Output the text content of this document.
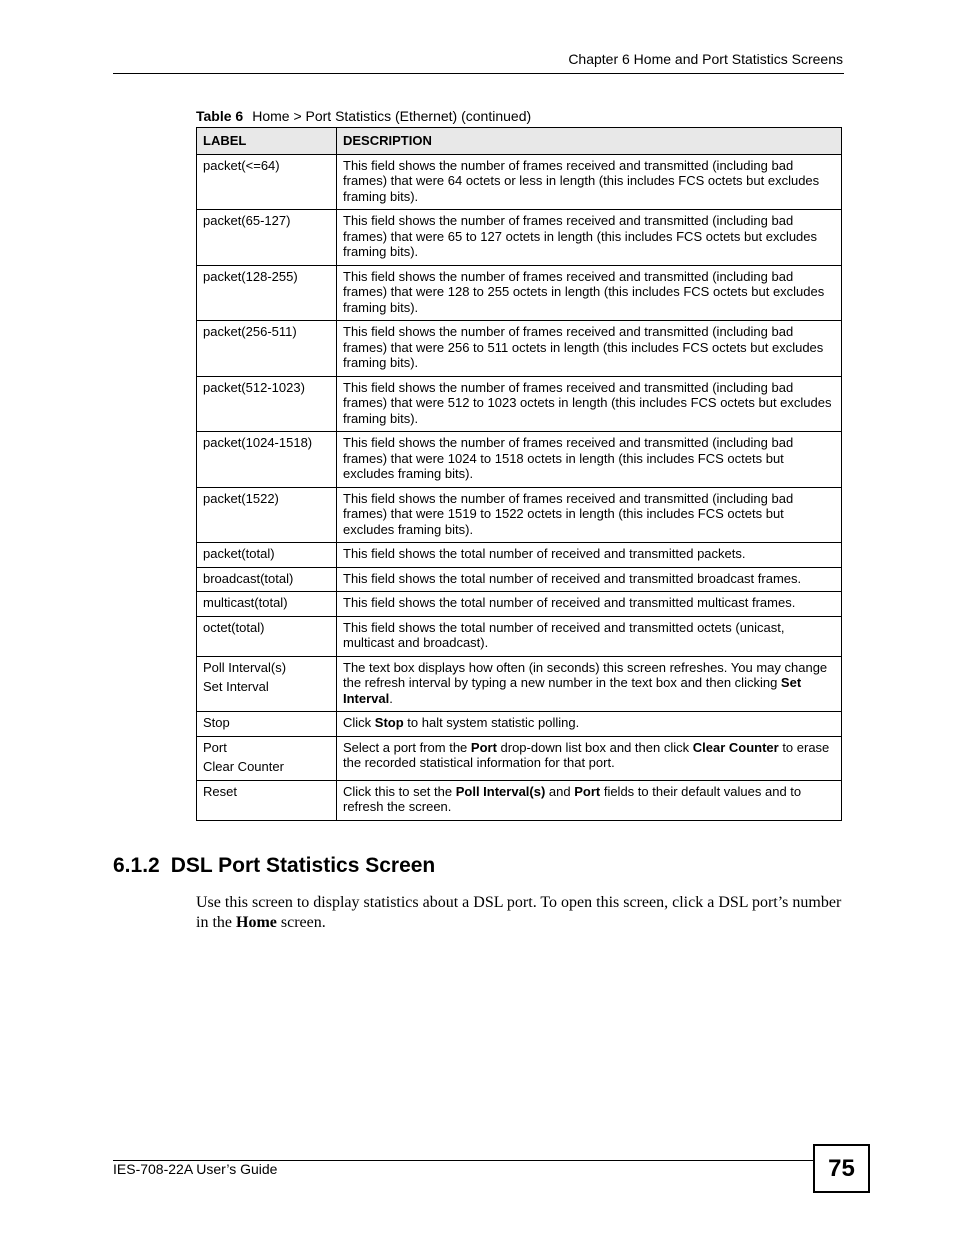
Chapter 6 Home and Port Statistics Screens
Table 6 Home > Port Statistics (Ethernet) (continued)
LABEL	DESCRIPTION
packet(<=64)	This field shows the number of frames received and transmitted (including bad frames) that were 64 octets or less in length (this includes FCS octets but excludes framing bits).
packet(65-127)	This field shows the number of frames received and transmitted (including bad frames) that were 65 to 127 octets in length (this includes FCS octets but excludes framing bits).
packet(128-255)	This field shows the number of frames received and transmitted (including bad frames) that were 128 to 255 octets in length (this includes FCS octets but excludes framing bits).
packet(256-511)	This field shows the number of frames received and transmitted (including bad frames) that were 256 to 511 octets in length (this includes FCS octets but excludes framing bits).
packet(512-1023)	This field shows the number of frames received and transmitted (including bad frames) that were 512 to 1023 octets in length (this includes FCS octets but excludes framing bits).
packet(1024-1518)	This field shows the number of frames received and transmitted (including bad frames) that were 1024 to 1518 octets in length (this includes FCS octets but excludes framing bits).
packet(1522)	This field shows the number of frames received and transmitted (including bad frames) that were 1519 to 1522 octets in length (this includes FCS octets but excludes framing bits).
packet(total)	This field shows the total number of received and transmitted packets.
broadcast(total)	This field shows the total number of received and transmitted broadcast frames.
multicast(total)	This field shows the total number of received and transmitted multicast frames.
octet(total)	This field shows the total number of received and transmitted octets (unicast, multicast and broadcast).
Poll Interval(s)
Set Interval	The text box displays how often (in seconds) this screen refreshes. You may change the refresh interval by typing a new number in the text box and then clicking Set Interval.
Stop	Click Stop to halt system statistic polling.
Port
Clear Counter	Select a port from the Port drop-down list box and then click Clear Counter to erase the recorded statistical information for that port.
Reset	Click this to set the Poll Interval(s) and Port fields to their default values and to refresh the screen.
6.1.2 DSL Port Statistics Screen
Use this screen to display statistics about a DSL port. To open this screen, click a DSL port’s number in the Home screen.
IES-708-22A User’s Guide	75
